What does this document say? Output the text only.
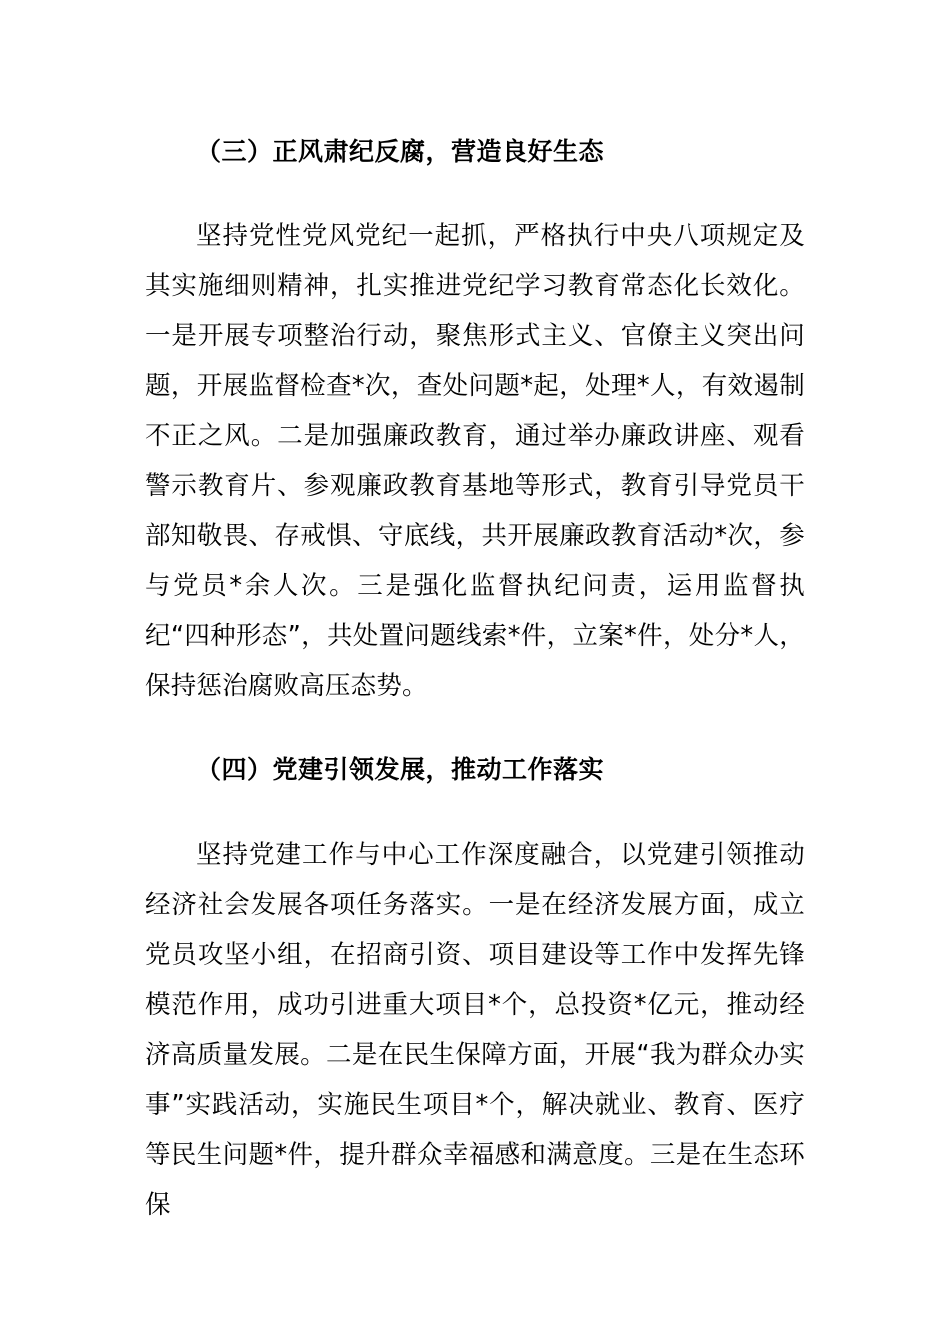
（三）正风肃纪反腐，营造良好生态

坚持党性党风党纪一起抓，严格执行中央八项规定及其实施细则精神，扎实推进党纪学习教育常态化长效化。一是开展专项整治行动，聚焦形式主义、官僚主义突出问题，开展监督检查*次，查处问题*起，处理*人，有效遏制不正之风。二是加强廉政教育，通过举办廉政讲座、观看警示教育片、参观廉政教育基地等形式，教育引导党员干部知敬畏、存戒惧、守底线，共开展廉政教育活动*次，参与党员*余人次。三是强化监督执纪问责，运用监督执纪“四种形态”，共处置问题线索*件，立案*件，处分*人，保持惩治腐败高压态势。

（四）党建引领发展，推动工作落实

坚持党建工作与中心工作深度融合，以党建引领推动经济社会发展各项任务落实。一是在经济发展方面，成立党员攻坚小组，在招商引资、项目建设等工作中发挥先锋模范作用，成功引进重大项目*个，总投资*亿元，推动经济高质量发展。二是在民生保障方面，开展“我为群众办实事”实践活动，实施民生项目*个，解决就业、教育、医疗等民生问题*件，提升群众幸福感和满意度。三是在生态环保
